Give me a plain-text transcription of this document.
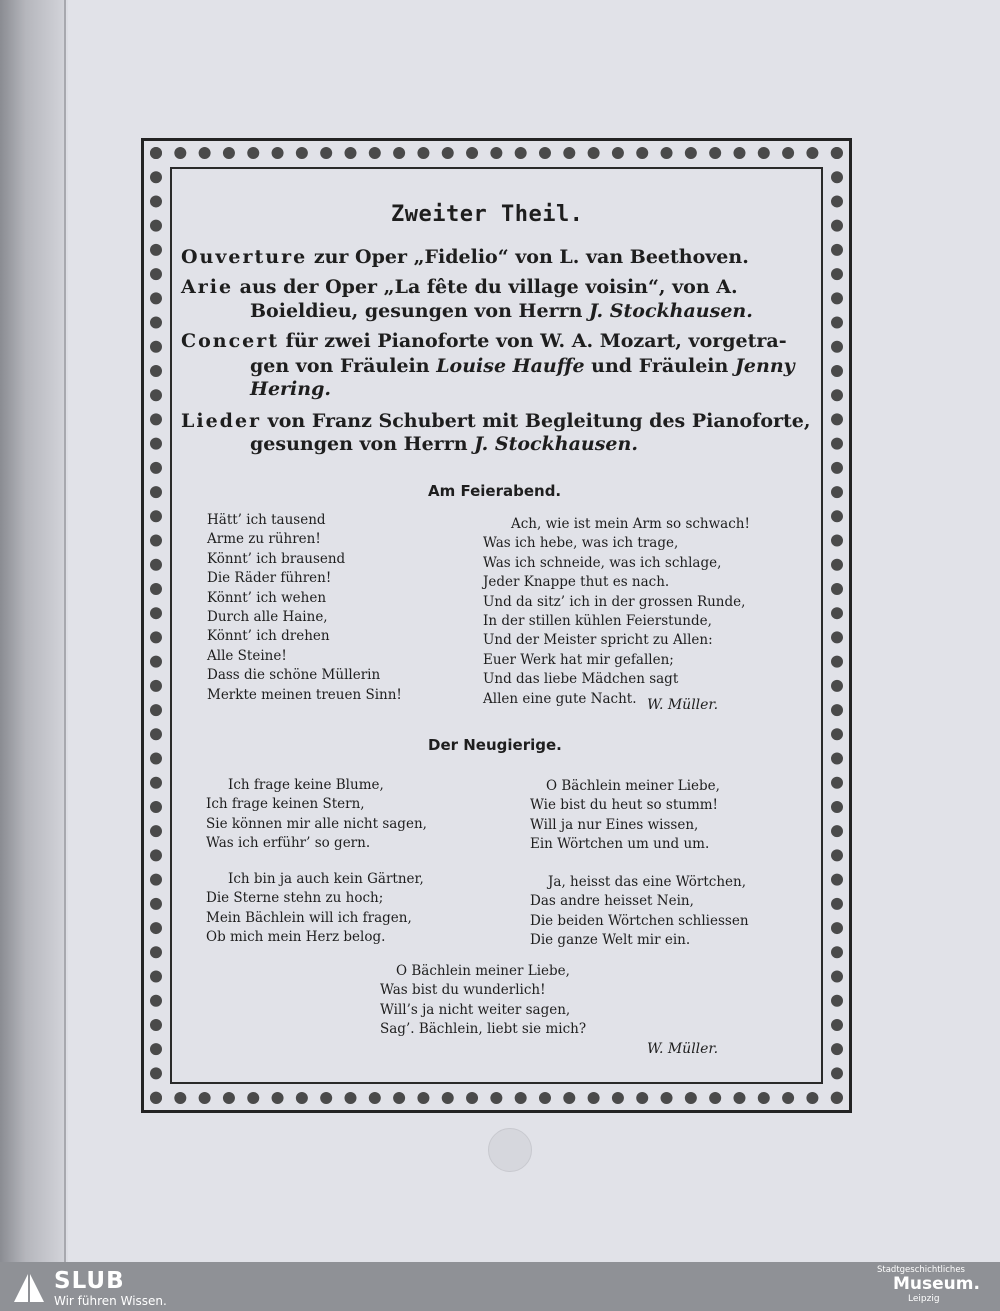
Zweiter Theil.
Ouverture zur Oper „Fidelio“ von L. van Beethoven.
Arie aus der Oper „La fête du village voisin“, von A.
Boieldieu, gesungen von Herrn J. Stockhausen.
Concert für zwei Pianoforte von W. A. Mozart, vorgetra-
gen von Fräulein Louise Hauffe und Fräulein Jenny
Hering.
Lieder von Franz Schubert mit Begleitung des Pianoforte,
gesungen von Herrn J. Stockhausen.
Am Feierabend.
Hätt’ ich tausend
Arme zu rühren!
Könnt’ ich brausend
Die Räder führen!
Könnt’ ich wehen
Durch alle Haine,
Könnt’ ich drehen
Alle Steine!
Dass die schöne Müllerin
Merkte meinen treuen Sinn!
Ach, wie ist mein Arm so schwach!
Was ich hebe, was ich trage,
Was ich schneide, was ich schlage,
Jeder Knappe thut es nach.
Und da sitz’ ich in der grossen Runde,
In der stillen kühlen Feierstunde,
Und der Meister spricht zu Allen:
Euer Werk hat mir gefallen;
Und das liebe Mädchen sagt
Allen eine gute Nacht. W. Müller.
Der Neugierige.
Ich frage keine Blume,
Ich frage keinen Stern,
Sie können mir alle nicht sagen,
Was ich erführ’ so gern.
O Bächlein meiner Liebe,
Wie bist du heut so stumm!
Will ja nur Eines wissen,
Ein Wörtchen um und um.
Ich bin ja auch kein Gärtner,
Die Sterne stehn zu hoch;
Mein Bächlein will ich fragen,
Ob mich mein Herz belog.
Ja, heisst das eine Wörtchen,
Das andre heisset Nein,
Die beiden Wörtchen schliessen
Die ganze Welt mir ein.
O Bächlein meiner Liebe,
Was bist du wunderlich!
Will’s ja nicht weiter sagen,
Sag’. Bächlein, liebt sie mich?
W. Müller.
SLUB
Wir führen Wissen.
Stadtgeschichtliches
Museum.
Leipzig
